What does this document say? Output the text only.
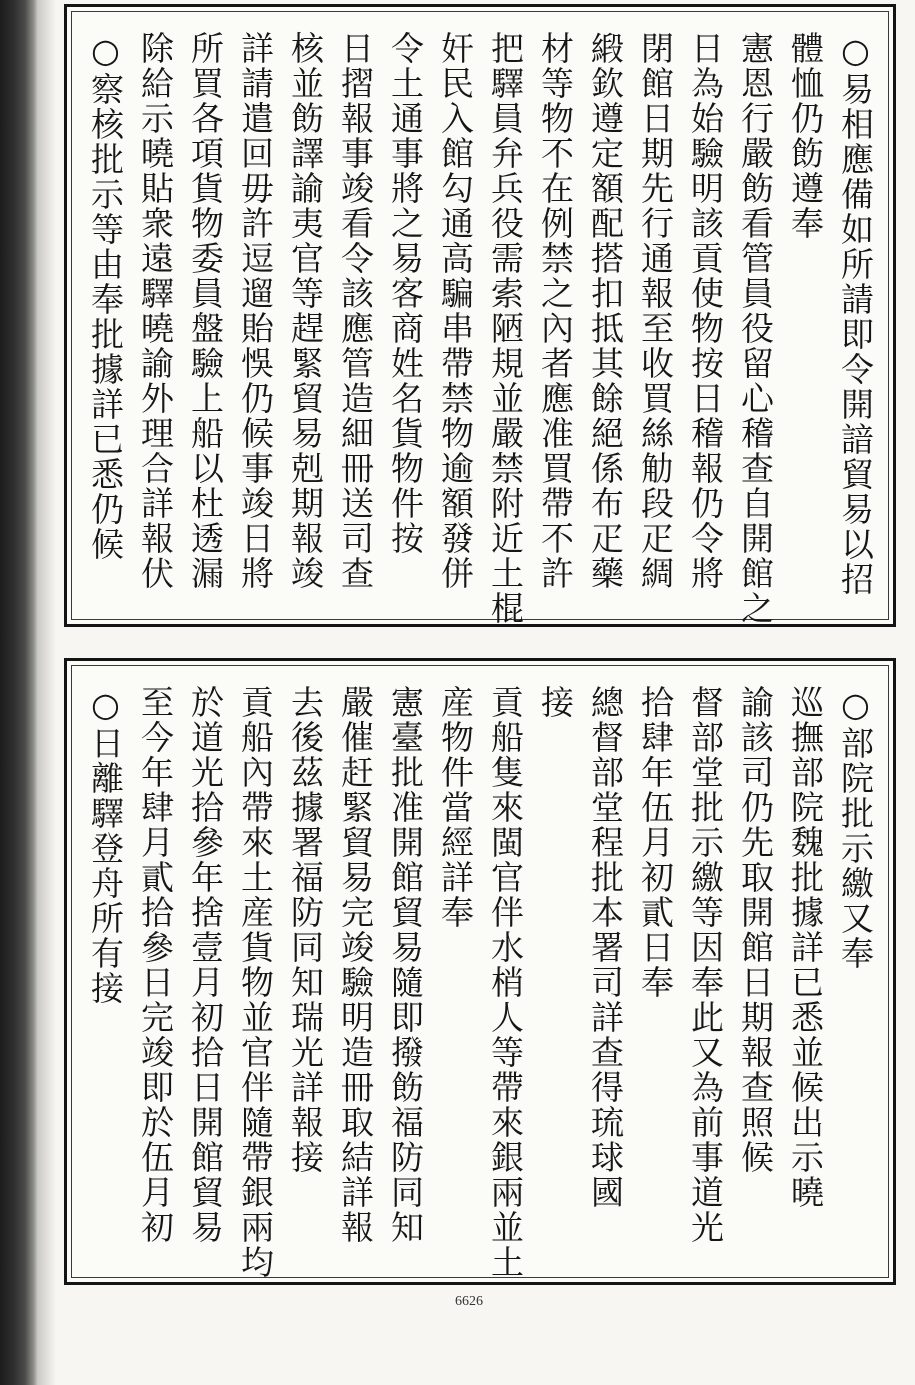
○易相應備如所請即令開諳貿易以招
體恤仍飭遵奉
憲恩行嚴飭看管員役留心稽查自開館之
日為始驗明該貢使物按日稽報仍令將
閉館日期先行通報至收買絲觔段疋綢
緞欽遵定額配搭扣抵其餘絕係布疋藥
材等物不在例禁之內者應准買帶不許
把驛員弁兵役需索陋規並嚴禁附近土棍
奸民入館勾通高騙串帶禁物逾額發併
令土通事將之易客商姓名貨物件按
日摺報事竣看令該應管造細冊送司查
核並飭譯諭夷官等趕緊貿易剋期報竣
詳請遣回毋許逗遛貽悞仍候事竣日將
所買各項貨物委員盤驗上船以杜透漏
除給示曉貼衆遠驛曉諭外理合詳報伏
○察核批示等由奉批據詳已悉仍候
○部院批示繳又奉
巡撫部院魏批據詳已悉並候出示曉
諭該司仍先取開館日期報查照候
督部堂批示繳等因奉此又為前事道光
拾肆年伍月初貳日奉
總督部堂程批本署司詳查得琉球國
接
貢船隻來閩官伴水梢人等帶來銀兩並土
産物件當經詳奉
憲臺批准開館貿易隨即撥飭福防同知
嚴催赶緊貿易完竣驗明造冊取結詳報
去後茲據署福防同知瑞光詳報接
貢船內帶來土産貨物並官伴隨帶銀兩均
於道光拾參年捨壹月初拾日開館貿易
至今年肆月貳拾參日完竣即於伍月初
○日離驛登舟所有接
6626
